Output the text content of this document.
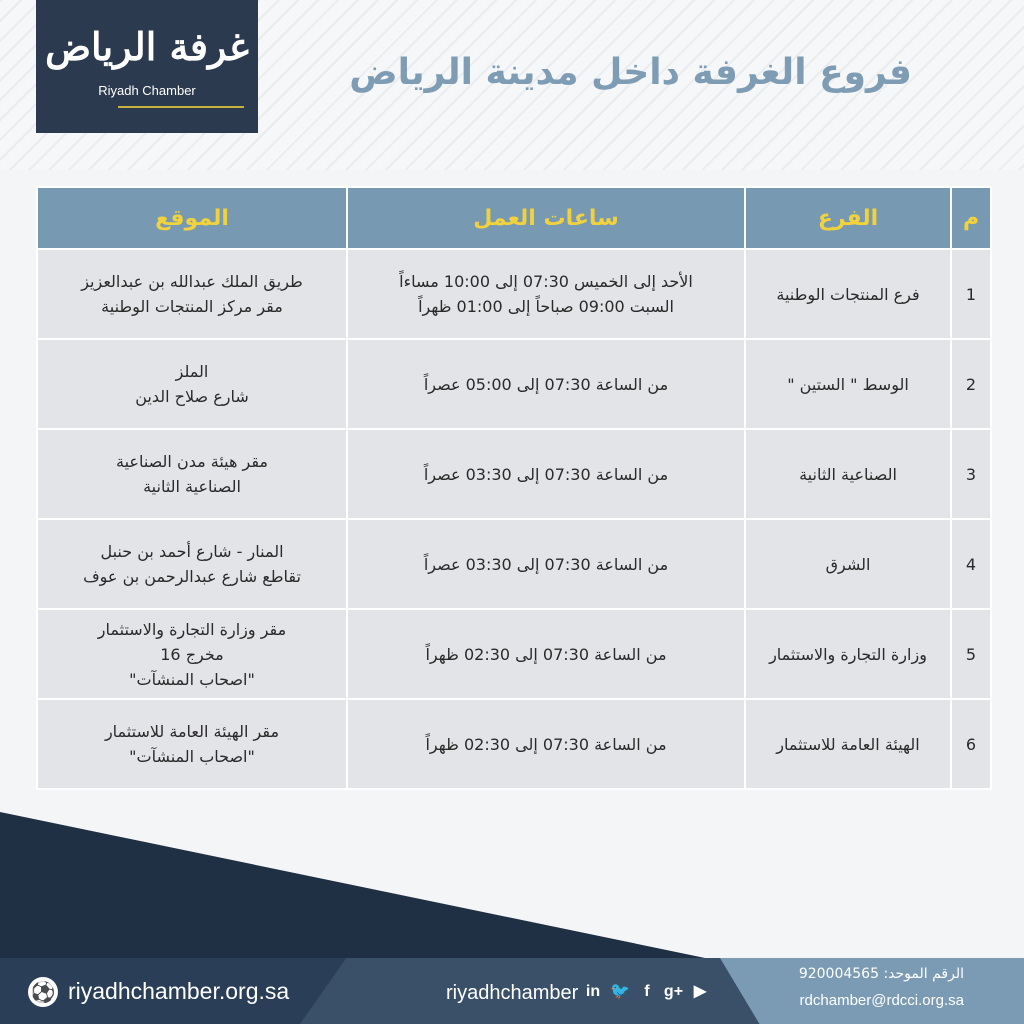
غرفة الرياض
Riyadh Chamber	فروع الغرفة داخل مدينة الرياض
م	الفرع	ساعات العمل	الموقع
1	فرع المنتجات الوطنية	الأحد إلى الخميس 07:30 إلى 10:00 مساءاً
السبت 09:00 صباحاً إلى 01:00 ظهراً	طريق الملك عبدالله بن عبدالعزيز
مقر مركز المنتجات الوطنية

2	الوسط " الستين "	من الساعة 07:30 إلى 05:00 عصراً	الملز
شارع صلاح الدين

3	الصناعية الثانية	من الساعة 07:30 إلى 03:30 عصراً	مقر هيئة مدن الصناعية
الصناعية الثانية

4	الشرق	من الساعة 07:30 إلى 03:30 عصراً	المنار - شارع أحمد بن حنبل
تقاطع شارع عبدالرحمن بن عوف

5	وزارة التجارة والاستثمار	من الساعة 07:30 إلى 02:30 ظهراً	مقر وزارة التجارة والاستثمار
مخرج 16
"اصحاب المنشآت"

6	الهيئة العامة للاستثمار	من الساعة 07:30 إلى 02:30 ظهراً	مقر الهيئة العامة للاستثمار
"اصحاب المنشآت"
⚽ riyadhchamber.org.sa	riyadhchamber in 🐦 f g+ ▶
الرقم الموحد: 920004565
rdchamber@rdcci.org.sa
